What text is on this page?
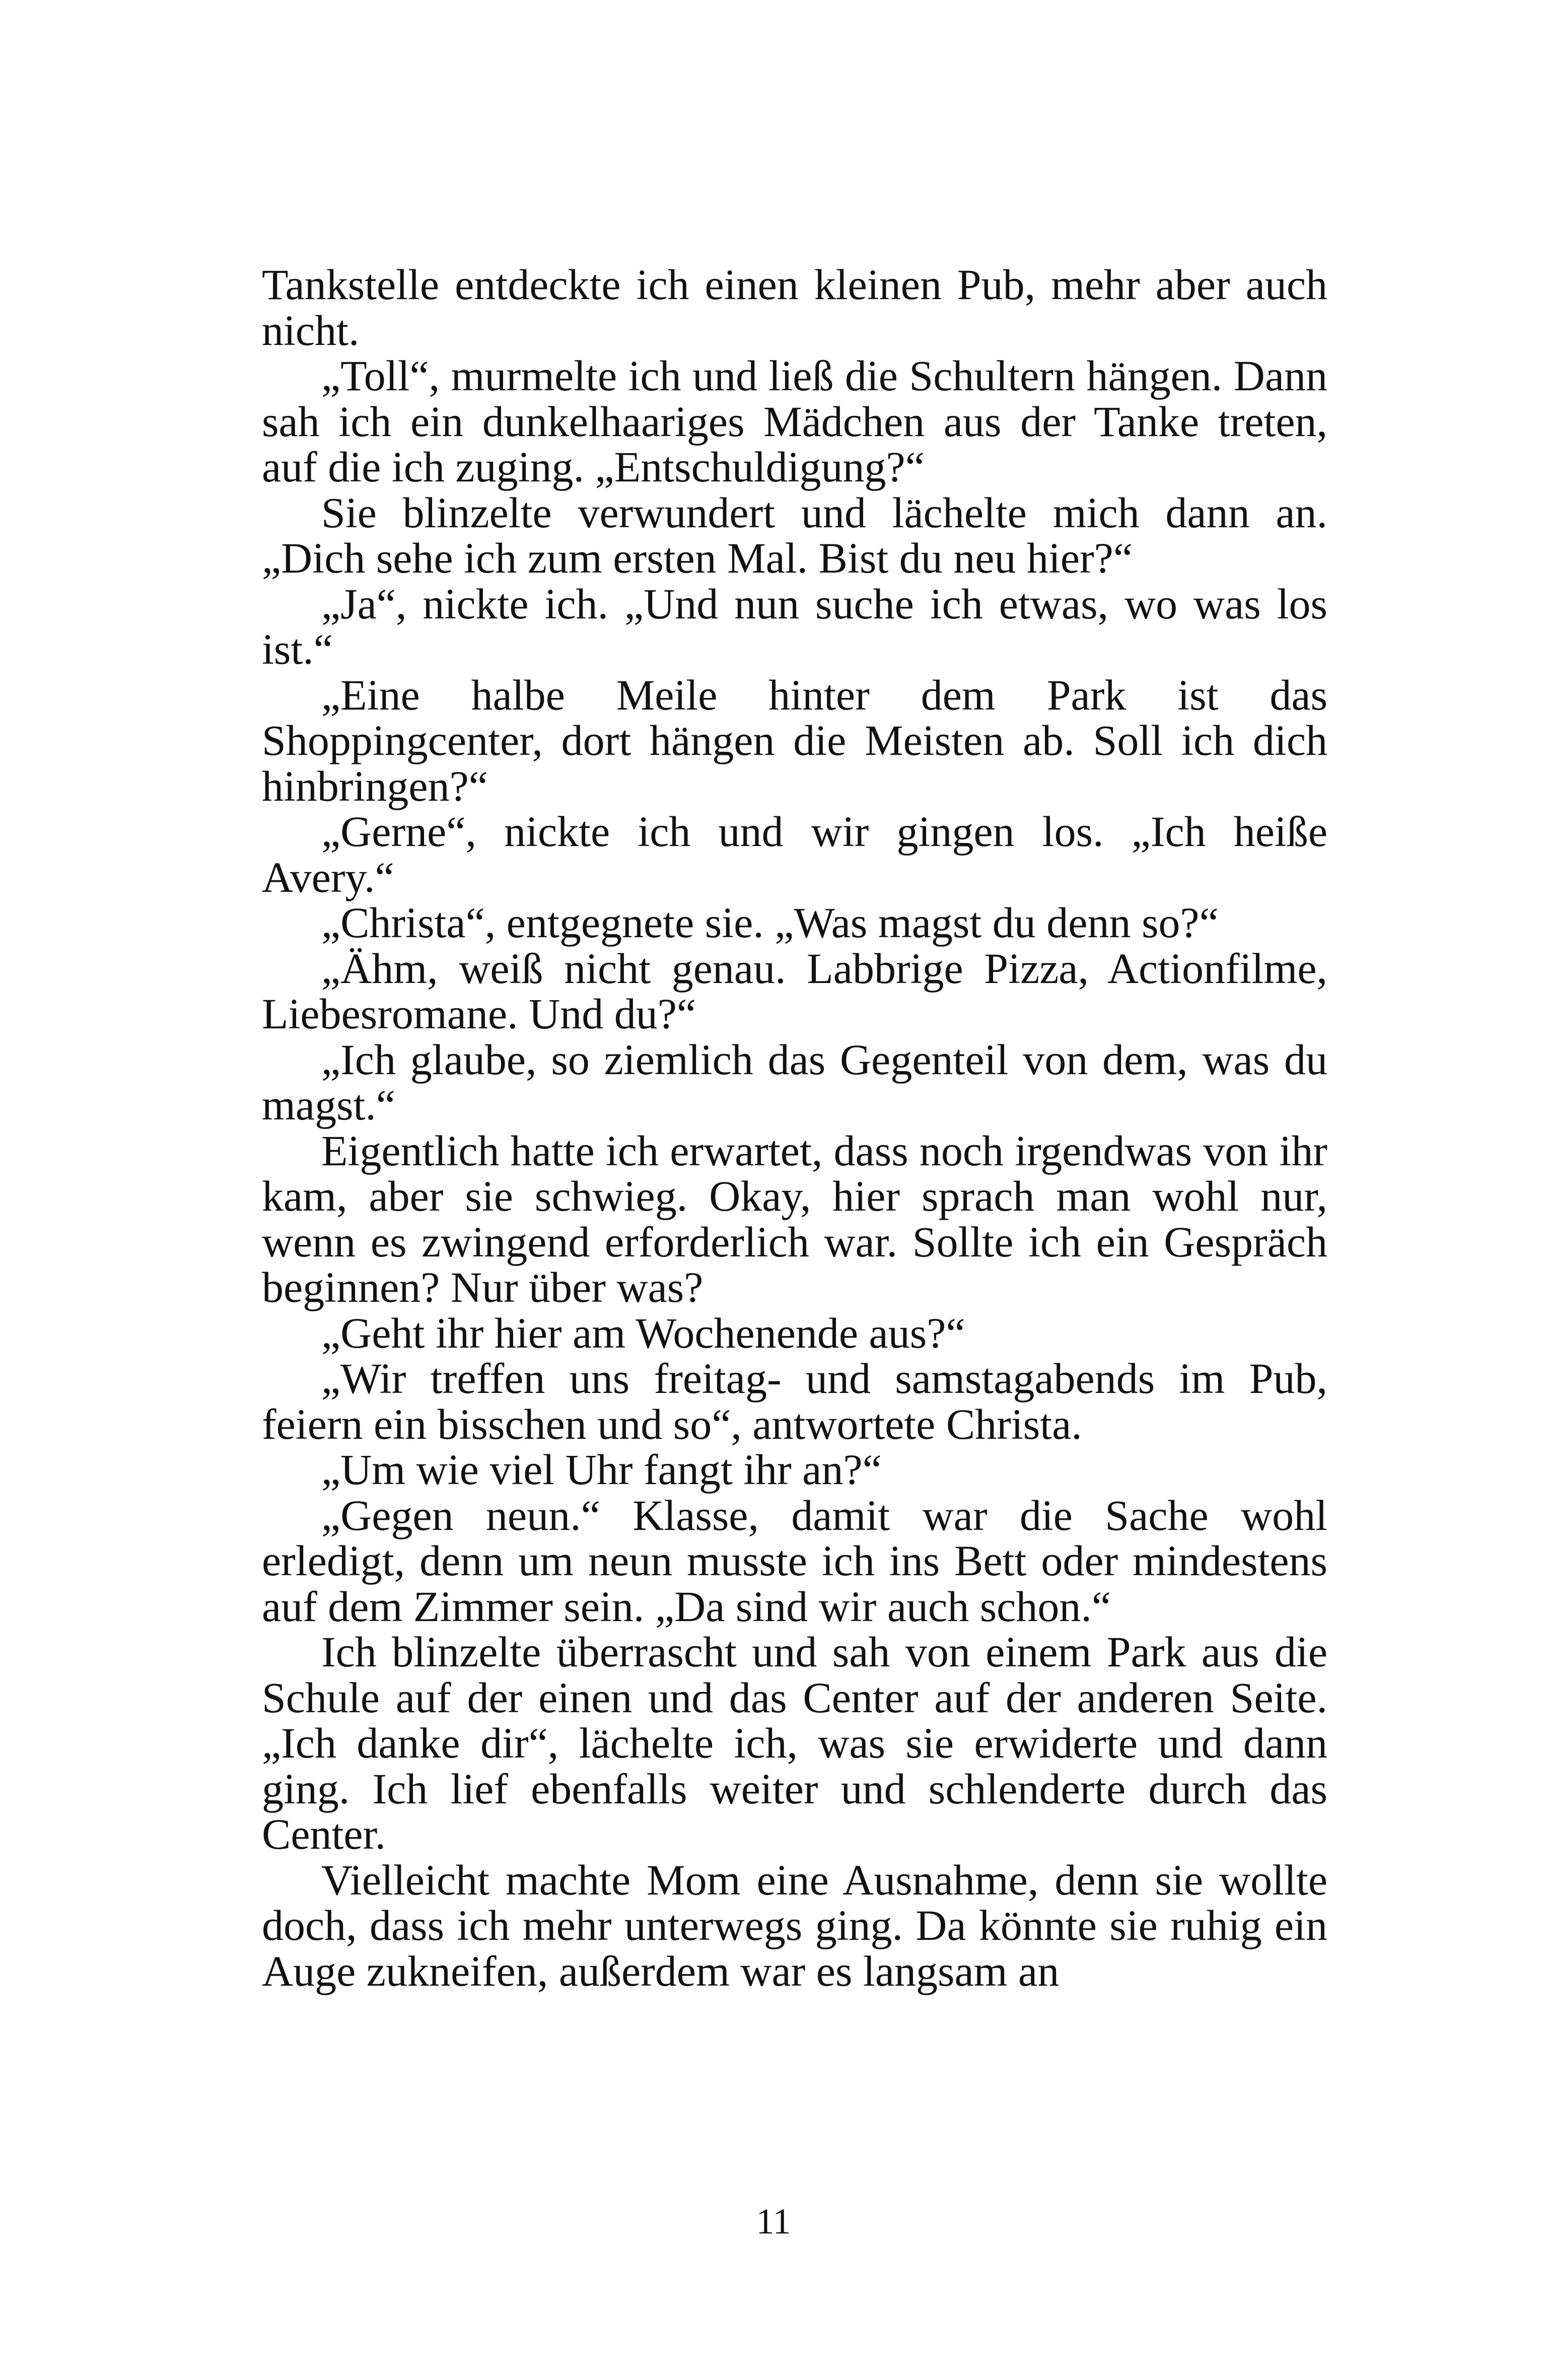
Tankstelle entdeckte ich einen kleinen Pub, mehr aber auch nicht.

„Toll“, murmelte ich und ließ die Schultern hängen. Dann sah ich ein dunkelhaariges Mädchen aus der Tanke treten, auf die ich zuging. „Entschuldigung?“

Sie blinzelte verwundert und lächelte mich dann an. „Dich sehe ich zum ersten Mal. Bist du neu hier?“

„Ja“, nickte ich. „Und nun suche ich etwas, wo was los ist.“

„Eine halbe Meile hinter dem Park ist das Shoppingcenter, dort hängen die Meisten ab. Soll ich dich hinbringen?“

„Gerne“, nickte ich und wir gingen los. „Ich heiße Avery.“

„Christa“, entgegnete sie. „Was magst du denn so?“

„Ähm, weiß nicht genau. Labbrige Pizza, Actionfilme, Liebesromane. Und du?“

„Ich glaube, so ziemlich das Gegenteil von dem, was du magst.“

Eigentlich hatte ich erwartet, dass noch irgendwas von ihr kam, aber sie schwieg. Okay, hier sprach man wohl nur, wenn es zwingend erforderlich war. Sollte ich ein Gespräch beginnen? Nur über was?

„Geht ihr hier am Wochenende aus?“

„Wir treffen uns freitag- und samstagabends im Pub, feiern ein bisschen und so“, antwortete Christa.

„Um wie viel Uhr fangt ihr an?“

„Gegen neun.“ Klasse, damit war die Sache wohl erledigt, denn um neun musste ich ins Bett oder mindestens auf dem Zimmer sein. „Da sind wir auch schon.“

Ich blinzelte überrascht und sah von einem Park aus die Schule auf der einen und das Center auf der anderen Seite. „Ich danke dir“, lächelte ich, was sie erwiderte und dann ging. Ich lief ebenfalls weiter und schlenderte durch das Center.

Vielleicht machte Mom eine Ausnahme, denn sie wollte doch, dass ich mehr unterwegs ging. Da könnte sie ruhig ein Auge zukneifen, außerdem war es langsam an

11
